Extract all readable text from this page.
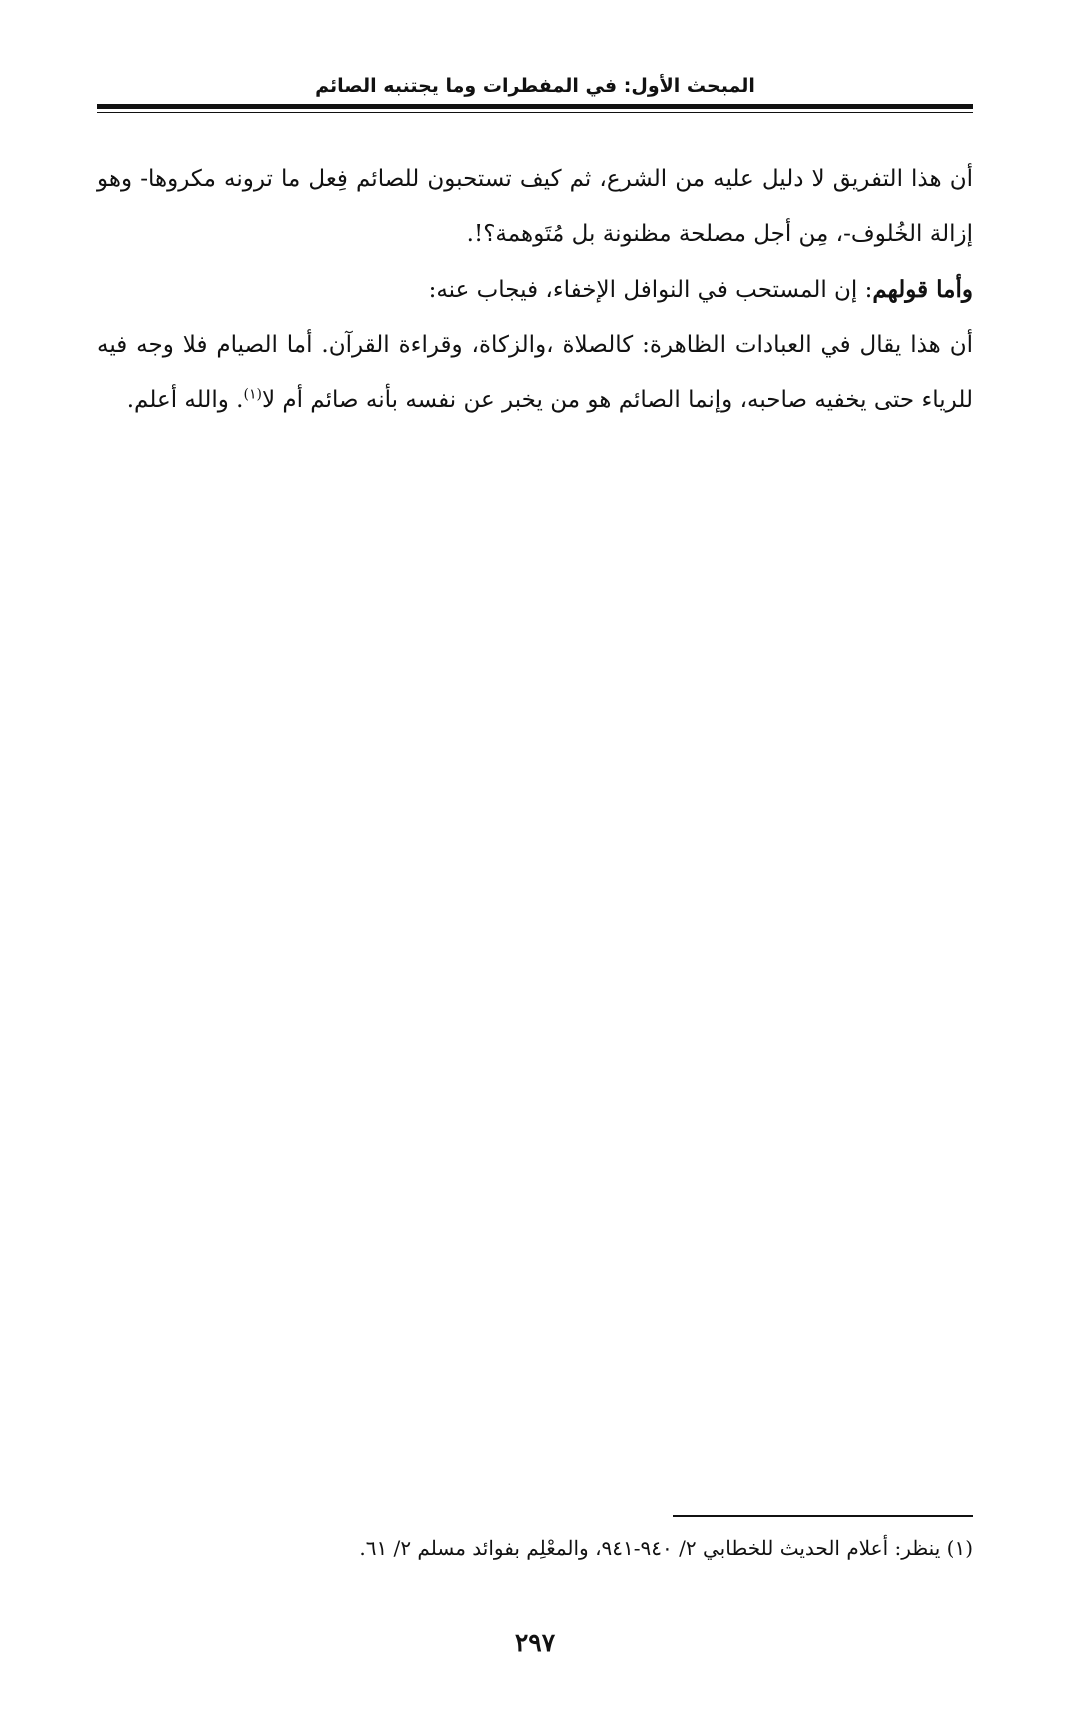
المبحث الأول: في المفطرات وما يجتنبه الصائم

أن هذا التفريق لا دليل عليه من الشرع، ثم كيف تستحبون للصائم فِعل ما ترونه مكروها- وهو إزالة الخُلوف-، مِن أجل مصلحة مظنونة بل مُتَوهمة؟!.

وأما قولهم: إن المستحب في النوافل الإخفاء، فيجاب عنه:

أن هذا يقال في العبادات الظاهرة: كالصلاة ،والزكاة، وقراءة القرآن. أما الصيام فلا وجه فيه للرياء حتى يخفيه صاحبه، وإنما الصائم هو من يخبر عن نفسه بأنه صائم أم لا$^{(١)}$. والله أعلم.

(١) ينظر: أعلام الحديث للخطابي ٢/ ٩٤٠-٩٤١، والمعْلِم بفوائد مسلم ٢/ ٦١.

٢٩٧
